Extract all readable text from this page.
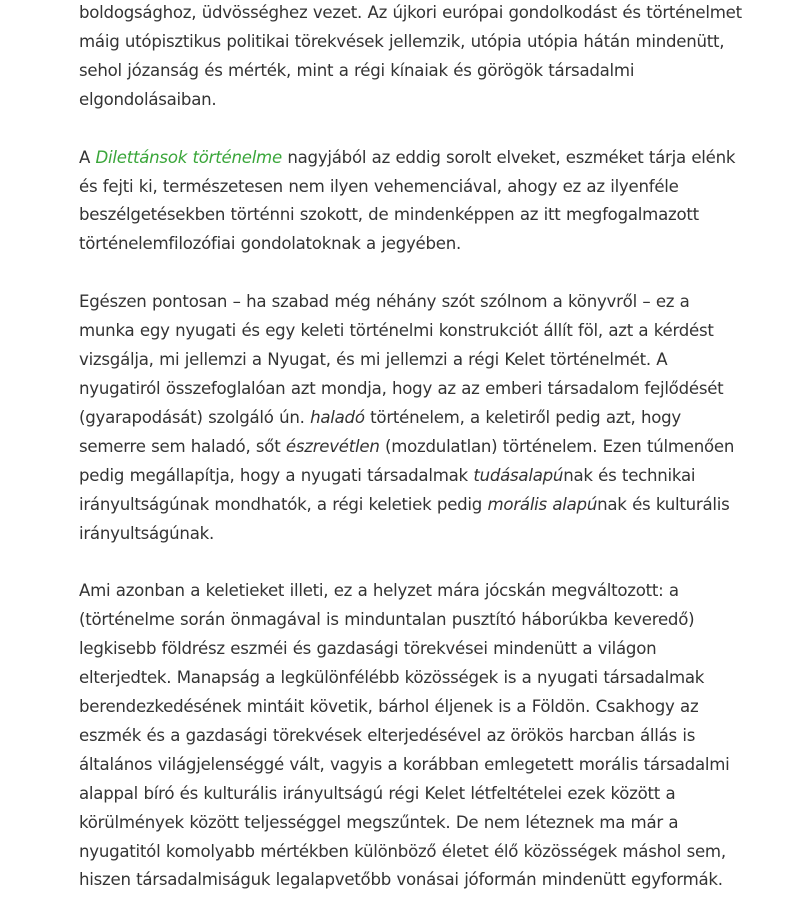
boldogsághoz, üdvösséghez vezet. Az újkori európai gondolkodást és történelmet máig utópisztikus politikai törekvések jellemzik, utópia utópia hátán mindenütt, sehol józanság és mérték, mint a régi kínaiak és görögök társadalmi elgondolásaiban.

A Dilettánsok történelme nagyjából az eddig sorolt elveket, eszméket tárja elénk és fejti ki, természetesen nem ilyen vehemenciával, ahogy ez az ilyenféle beszélgetésekben történni szokott, de mindenképpen az itt megfogalmazott történelemfilozófiai gondolatoknak a jegyében.

Egészen pontosan – ha szabad még néhány szót szólnom a könyvről – ez a munka egy nyugati és egy keleti történelmi konstrukciót állít föl, azt a kérdést vizsgálja, mi jellemzi a Nyugat, és mi jellemzi a régi Kelet történelmét. A nyugatiról összefoglalóan azt mondja, hogy az az emberi társadalom fejlődését (gyarapodását) szolgáló ún. haladó történelem, a keletiről pedig azt, hogy semerre sem haladó, sőt észrevétlen (mozdulatlan) történelem. Ezen túlmenően pedig megállapítja, hogy a nyugati társadalmak tudásalapúnak és technikai irányultságúnak mondhatók, a régi keletiek pedig morális alapúnak és kulturális irányultságúnak.

Ami azonban a keletieket illeti, ez a helyzet mára jócskán megváltozott: a (történelme során önmagával is minduntalan pusztító háborúkba keveredő) legkisebb földrész eszméi és gazdasági törekvései mindenütt a világon elterjedtek. Manapság a legkülönfélébb közösségek is a nyugati társadalmak berendezkedésének mintáit követik, bárhol éljenek is a Földön. Csakhogy az eszmék és a gazdasági törekvések elterjedésével az örökös harcban állás is általános világjelenséggé vált, vagyis a korábban emlegetett morális társadalmi alappal bíró és kulturális irányultságú régi Kelet létfeltételei ezek között a körülmények között teljességgel megszűntek. De nem léteznek ma már a nyugatitól komolyabb mértékben különböző életet élő közösségek máshol sem, hiszen társadalmiságuk legalapvetőbb vonásai jóformán mindenütt egyformák.
